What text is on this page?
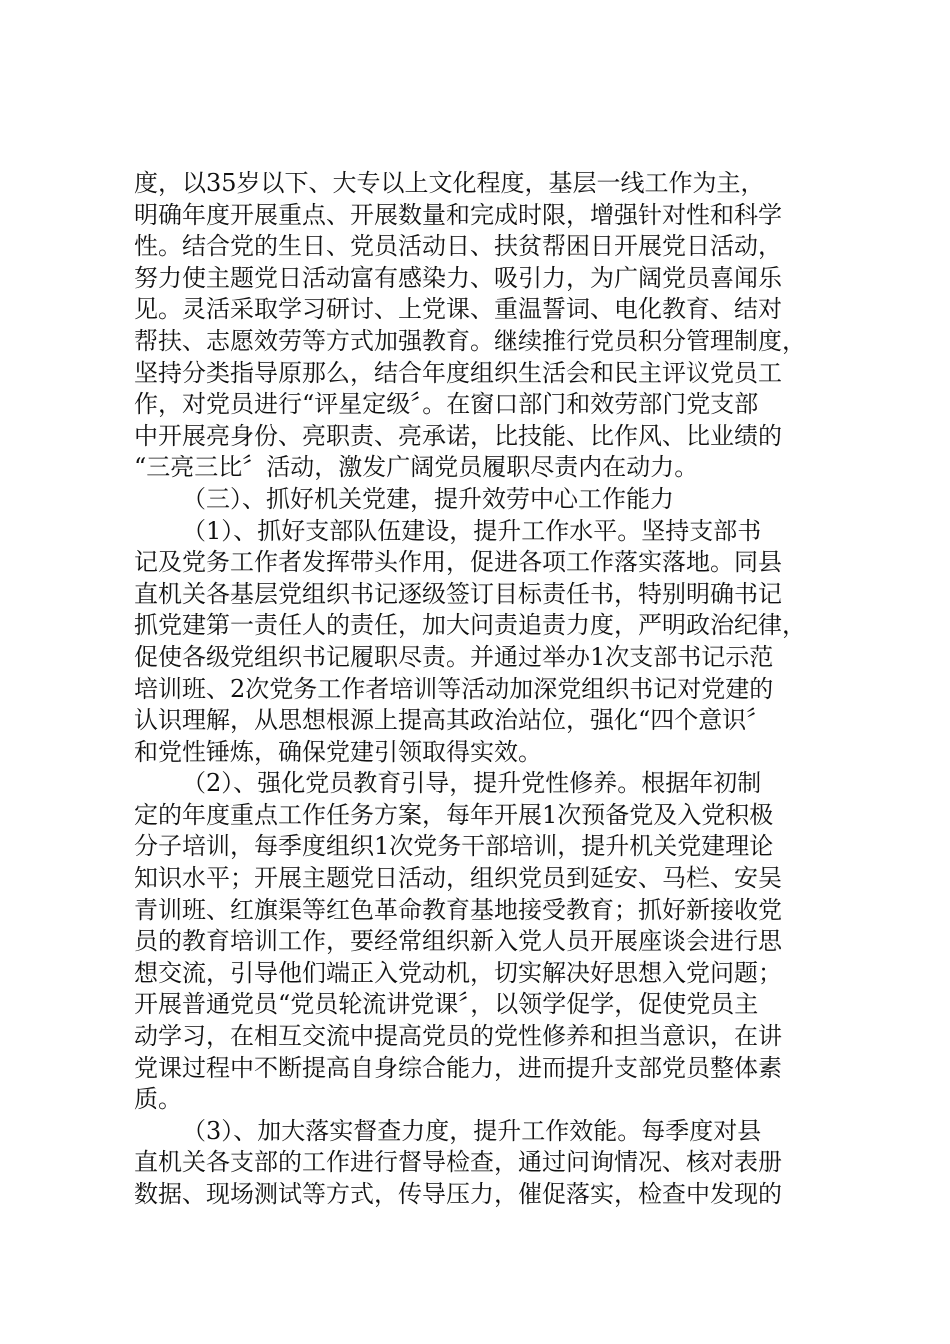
度，以35岁以下、大专以上文化程度，基层一线工作为主，
明确年度开展重点、开展数量和完成时限，增强针对性和科学
性。结合党的生日、党员活动日、扶贫帮困日开展党日活动，
努力使主题党日活动富有感染力、吸引力，为广阔党员喜闻乐
见。灵活采取学习研讨、上党课、重温誓词、电化教育、结对
帮扶、志愿效劳等方式加强教育。继续推行党员积分管理制度，
坚持分类指导原那么，结合年度组织生活会和民主评议党员工
作，对党员进行“评星定级〞。在窗口部门和效劳部门党支部
中开展亮身份、亮职责、亮承诺，比技能、比作风、比业绩的
“三亮三比〞活动，激发广阔党员履职尽责内在动力。
（三）、抓好机关党建，提升效劳中心工作能力
（1）、抓好支部队伍建设，提升工作水平。坚持支部书
记及党务工作者发挥带头作用，促进各项工作落实落地。同县
直机关各基层党组织书记逐级签订目标责任书，特别明确书记
抓党建第一责任人的责任，加大问责追责力度，严明政治纪律，
促使各级党组织书记履职尽责。并通过举办1次支部书记示范
培训班、2次党务工作者培训等活动加深党组织书记对党建的
认识理解，从思想根源上提高其政治站位，强化“四个意识〞
和党性锤炼，确保党建引领取得实效。
（2）、强化党员教育引导，提升党性修养。根据年初制
定的年度重点工作任务方案，每年开展1次预备党及入党积极
分子培训，每季度组织1次党务干部培训，提升机关党建理论
知识水平；开展主题党日活动，组织党员到延安、马栏、安吴
青训班、红旗渠等红色革命教育基地接受教育；抓好新接收党
员的教育培训工作，要经常组织新入党人员开展座谈会进行思
想交流，引导他们端正入党动机，切实解决好思想入党问题；
开展普通党员“党员轮流讲党课〞，以领学促学，促使党员主
动学习，在相互交流中提高党员的党性修养和担当意识，在讲
党课过程中不断提高自身综合能力，进而提升支部党员整体素
质。
（3）、加大落实督查力度，提升工作效能。每季度对县
直机关各支部的工作进行督导检查，通过问询情况、核对表册
数据、现场测试等方式，传导压力，催促落实，检查中发现的
